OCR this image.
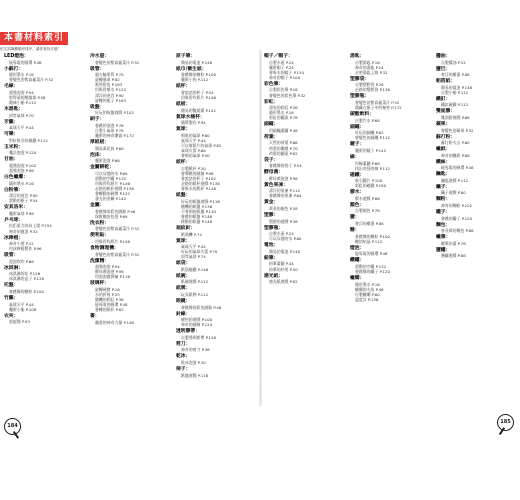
本書材料索引
依名詞筆劃順序排序，讓你查找方便！
LED燈泡：
能導電的圓環 P.48
小蘇打：
隱形墨水 P.16
會變色的紫高麗菜汁 P.32
毛線：
超強泡泡 P.94
射得遠的壓縮器 P.58
趣味小船 P.112
木湯匙：
頂等氣球 P.70
牙籤：
氣球天平 P.44
可樂：
對抗吸引的磁鐵 P.112
玉米粉：
魔法泡泡 P.120
甘油：
超強泡泡 P.102
超強泡泡 P.96
白色蠟燭：
隱形墨水 P.16
白粉筆：
漂浮的迷宮 P.90
滾動的瓶子 P.54
安其洛米：
魔術氣球 P.96
乒乓球：
抗拒重力的向上爬 P.154
神奇的風浪 P.32
冰棒棍：
神奇小遊 P.12
用冰棒棍製作 P.96
吸管：
泡泡吹吹 P.66
冰淇淋：
冰淇淋的花 P.126
冰淇淋的盒子 P.128
托盤：
會跳舞的糖粒 P.100
竹籤：
氣球天平 P.44
魔術小船 P.108
衣夾：
迴旋鏢 P.93
冷水壺：
會變色的紫高麗菜汁 P.32
吸管：
風火輪麥管 P.70
旋轉風車 P.82
吸管排笛 P.163
用吸管噴水 P.122
漂浮的迷宮 P.90
旋轉的瓶子 P.163
吸盤：
好玩的吸盤遊戲 P.102
刷子：
會跳的泡泡 P.76
自製小氣球 P.76
魔術的神奇樂器 P.172
厚紙板：
簡易萬花筒 P.60
泡沫：
魔術泡泡 P.66
金屬餅乾：
可以穿越的水 P.60
滾動的空罐 P.132
用吸管吹紙片 P.146
走路的紙杯遊戲 P.136
會轉動的硬幣 P.122
發光的金屬 P.142
金屬：
會跳舞的彩色圓點 P.46
保鮮膜的包裝 P.69
洗衣粉：
會變色的紫高麗菜汁 P.32
便利貼：
用吸管吹紙片 P.146
食物調理機：
會變色的紫高麗菜汁 P.32
洗潔精：
超強泡泡 P.94
酵母菌泡泡 P.98
用泡泡做實驗 P.116
玻璃杯：
旋轉硬幣 P.16
水的折射 P.25
隨機的彩虹 P.36
能導電的圓環 P.48
會轉的紙杯 P.82
書：
翻書的神奇力量 P.146
原子筆：
簡易的電池 P.148
紙巾/衛生紙：
會跳舞的糖粒 P.100
魔術小狗 P.112
紙杯：
會說話的杯子 P.54
用吸管吹紙片 P.146
紙板：
簡易的雙面鏡 P.142
氣球水桶杯：
簡單製作 P.94
氣球：
唱歌的氣球 P.60
氣球天平 P.44
可以射紙片的氣球 P.82
氣球火箭 P.66
會飛的氣球 P.90
紙杯：
自製紙杯 P.30
會彈跳的圓圈 P.96
會說話的杯子 P.102
走路的紙杯遊戲 P.136
會吸水的紙杯 P.146
紙盤：
好玩的紙盤遊戲 P.118
隨機的紙盤 P.136
不會倒的紙盤 P.140
會跳的紙盤 P.146
移動的紙盤 P.148
迴紋針：
紙飛機 P.74
氣球：
氣球天平 P.44
好玩的氣球火箭 P.70
頂等氣球 P.74
紙袋：
紙袋磁鐵 P.146
紙碗：
紙碗遊戲 P.112
紙牌：
玩具紙牌 P.112
眼鏡：
會跳舞的彩色圓點 P.46
針線：
縫紉的遊戲 P.100
神奇的縫線 P.124
透明膠帶：
自製透明膠帶 P.126
剪刀：
神奇的剪刀 P.36
乾冰：
乾冰泡泡 P.30
椅子：
紙盤遊戲 P.118
帽子／帽子：
自製水壺 P.24
魔術帽子 P.24
會吸水的帽子 P.154
神奇的帽子 P.100
彩色筆：
自製彩色筆 P.16
會變色的彩色筆 P.32
彩虹：
漂亮的彩虹 P.36
隱形墨水 P.16
彩虹的圖案 P.78
細繩：
用細繩畫圖 P.48
荷葉：
天然的荷葉 P.66
荷葉的樂趣 P.70
荷葉的圖案 P.82
袋子：
會跳舞的袋子 P.54
酵母菌：
酵母菌泡泡 P.98
黃色果凍：
漂浮的果凍 P.112
會跳舞的果凍 P.64
黃金：
黃金的顏色 P.58
塑膠：
塑膠的遊戲 P.38
塑膠瓶：
自製水壺 P.24
可以穿越的水 P.60
電池：
簡易的電池 P.148
鉛筆：
鉛筆畫圖 P.44
鉛筆的妙用 P.50
感光紙：
感光紙遊戲 P.82
湯匙：
自製湯匙 P.16
神奇的湯匙 P.24
走吧湯匙上路 P.32
塑膠袋：
自製塑膠袋 P.28
走路的塑膠袋 P.136
塑膠瓶：
會變色的紫高麗菜汁 P.32
隱藏在瓶子中的秘密 P.172
碳酸飲料：
自製汽水 P.68
細繩：
好玩的細繩 P.62
會變色的細繩 P.112
鏡子：
魔術的鏡子 P.142
線：
用線畫圖 P.66
找出奇怪的線 P.112
磁鐵：
吸引鐵片 P.100
彩虹的磁鐵 P.180
膠水：
膠水遊戲 P.66
顏色：
自製顏色 P.78
鹽：
會浮的雞蛋 P.88
糖：
會跳舞的糖粒 P.100
糖的結晶 P.112
燈泡：
能導電的圓環 P.48
鐵罐：
滾動的空罐 P.132
會跳舞的罐子 P.120
蠟燭：
隱形墨水 P.16
蠟燭的火焰 P.48
自製蠟燭 P.60
溫度計 P.136
醬油：
自製醬油 P.32
鹽巴：
會浮的雞蛋 P.88
鋁箔紙：
簡易的電池 P.148
自製小船 P.112
鐵釘：
鐵釘磁鐵 P.112
雙面膠：
雙面膠遊戲 P.66
蘋果：
會變色的蘋果 P.32
蘇打粉：
蘇打粉火山 P.60
蠟紙：
神奇的蠟紙 P.88
鐵絲：
能導電的圓環 P.48
鑰匙：
鑰匙遊戲 P.112
鑷子：
鑷子遊戲 P.60
麵粉：
神奇的麵粉 P.102
罐子：
會跳的罐子 P.120
麵包：
會長霉的麵包 P.66
蠟筆：
蠟筆的畫 P.78
鹽罐：
鹽罐遊戲 P.88
184
185
